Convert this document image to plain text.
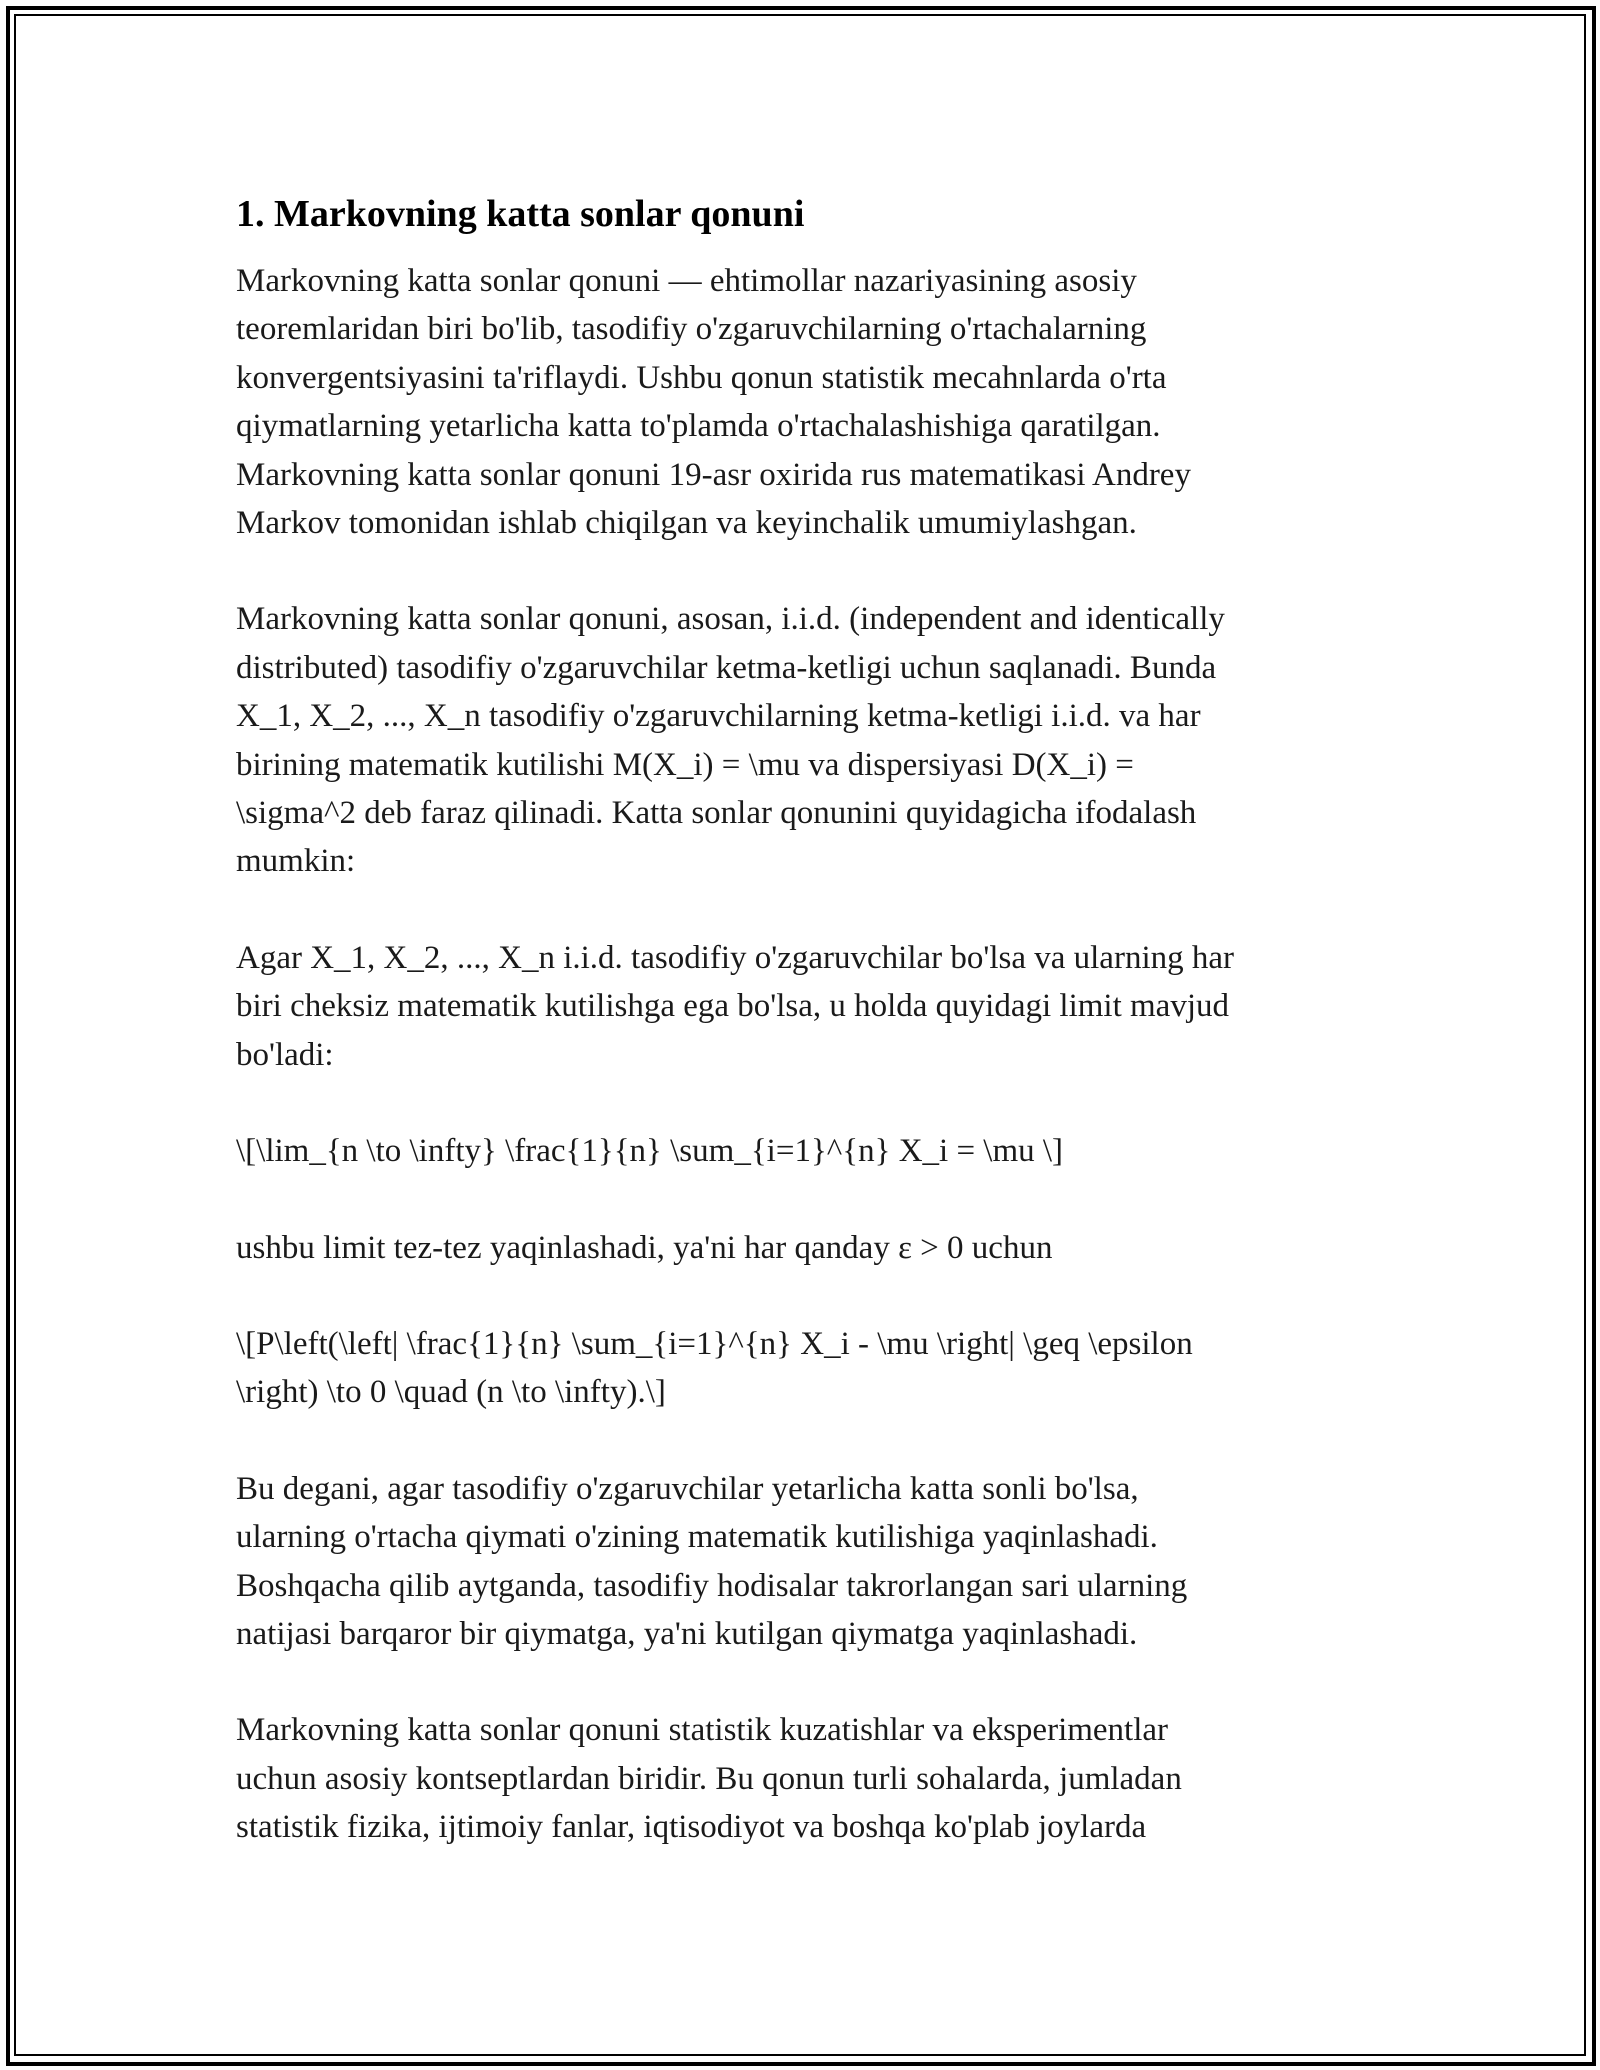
1. Markovning katta sonlar qonuni

Markovning katta sonlar qonuni — ehtimollar nazariyasining asosiy
teoremlaridan biri bo'lib, tasodifiy o'zgaruvchilarning o'rtachalarning
konvergentsiyasini ta'riflaydi. Ushbu qonun statistik mecahnlarda o'rta
qiymatlarning yetarlicha katta to'plamda o'rtachalashishiga qaratilgan.
Markovning katta sonlar qonuni 19-asr oxirida rus matematikasi Andrey
Markov tomonidan ishlab chiqilgan va keyinchalik umumiylashgan.

Markovning katta sonlar qonuni, asosan, i.i.d. (independent and identically
distributed) tasodifiy o'zgaruvchilar ketma-ketligi uchun saqlanadi. Bunda
X_1, X_2, ..., X_n tasodifiy o'zgaruvchilarning ketma-ketligi i.i.d. va har
birining matematik kutilishi M(X_i) = \mu va dispersiyasi D(X_i) =
\sigma^2 deb faraz qilinadi. Katta sonlar qonunini quyidagicha ifodalash
mumkin:

Agar X_1, X_2, ..., X_n i.i.d. tasodifiy o'zgaruvchilar bo'lsa va ularning har
biri cheksiz matematik kutilishga ega bo'lsa, u holda quyidagi limit mavjud
bo'ladi:

\[\lim_{n \to \infty} \frac{1}{n} \sum_{i=1}^{n} X_i = \mu \]

ushbu limit tez-tez yaqinlashadi, ya'ni har qanday ε > 0 uchun

\[P\left(\left| \frac{1}{n} \sum_{i=1}^{n} X_i - \mu \right| \geq \epsilon
\right) \to 0 \quad (n \to \infty).\]

Bu degani, agar tasodifiy o'zgaruvchilar yetarlicha katta sonli bo'lsa,
ularning o'rtacha qiymati o'zining matematik kutilishiga yaqinlashadi.
Boshqacha qilib aytganda, tasodifiy hodisalar takrorlangan sari ularning
natijasi barqaror bir qiymatga, ya'ni kutilgan qiymatga yaqinlashadi.

Markovning katta sonlar qonuni statistik kuzatishlar va eksperimentlar
uchun asosiy kontseptlardan biridir. Bu qonun turli sohalarda, jumladan
statistik fizika, ijtimoiy fanlar, iqtisodiyot va boshqa ko'plab joylarda
